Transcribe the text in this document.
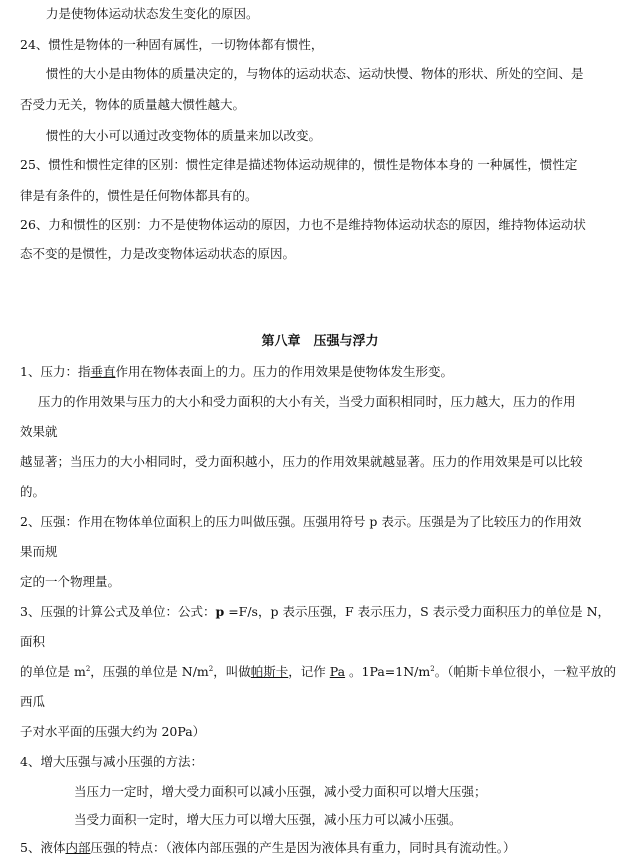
力是使物体运动状态发生变化的原因。
24、惯性是物体的一种固有属性，一切物体都有惯性，
惯性的大小是由物体的质量决定的，与物体的运动状态、运动快慢、物体的形状、所处的空间、是
否受力无关，物体的质量越大惯性越大。
惯性的大小可以通过改变物体的质量来加以改变。
25、惯性和惯性定律的区别：惯性定律是描述物体运动规律的，惯性是物体本身的 一种属性，惯性定
律是有条件的，惯性是任何物体都具有的。
26、力和惯性的区别：力不是使物体运动的原因，力也不是维持物体运动状态的原因，维持物体运动状
态不变的是惯性，力是改变物体运动状态的原因。
第八章　压强与浮力
1、压力：指垂直作用在物体表面上的力。压力的作用效果是使物体发生形变。
压力的作用效果与压力的大小和受力面积的大小有关，当受力面积相同时，压力越大，压力的作用
效果就
越显著；当压力的大小相同时，受力面积越小，压力的作用效果就越显著。压力的作用效果是可以比较
的。
2、压强：作用在物体单位面积上的压力叫做压强。压强用符号 p 表示。压强是为了比较压力的作用效
果而规
定的一个物理量。
3、压强的计算公式及单位：公式：p =F/s，p 表示压强，F 表示压力，S 表示受力面积压力的单位是 N，
面积
的单位是 $m^2$，压强的单位是 $N/m^2$，叫做帕斯卡，记作 Pa 。$1Pa=1N/m^2$。（帕斯卡单位很小，一粒平放的
西瓜
子对水平面的压强大约为 20Pa）
4、增大压强与减小压强的方法：
当压力一定时，增大受力面积可以减小压强，减小受力面积可以增大压强；
当受力面积一定时，增大压力可以增大压强，减小压力可以减小压强。
5、液体内部压强的特点：（液体内部压强的产生是因为液体具有重力，同时具有流动性。）
